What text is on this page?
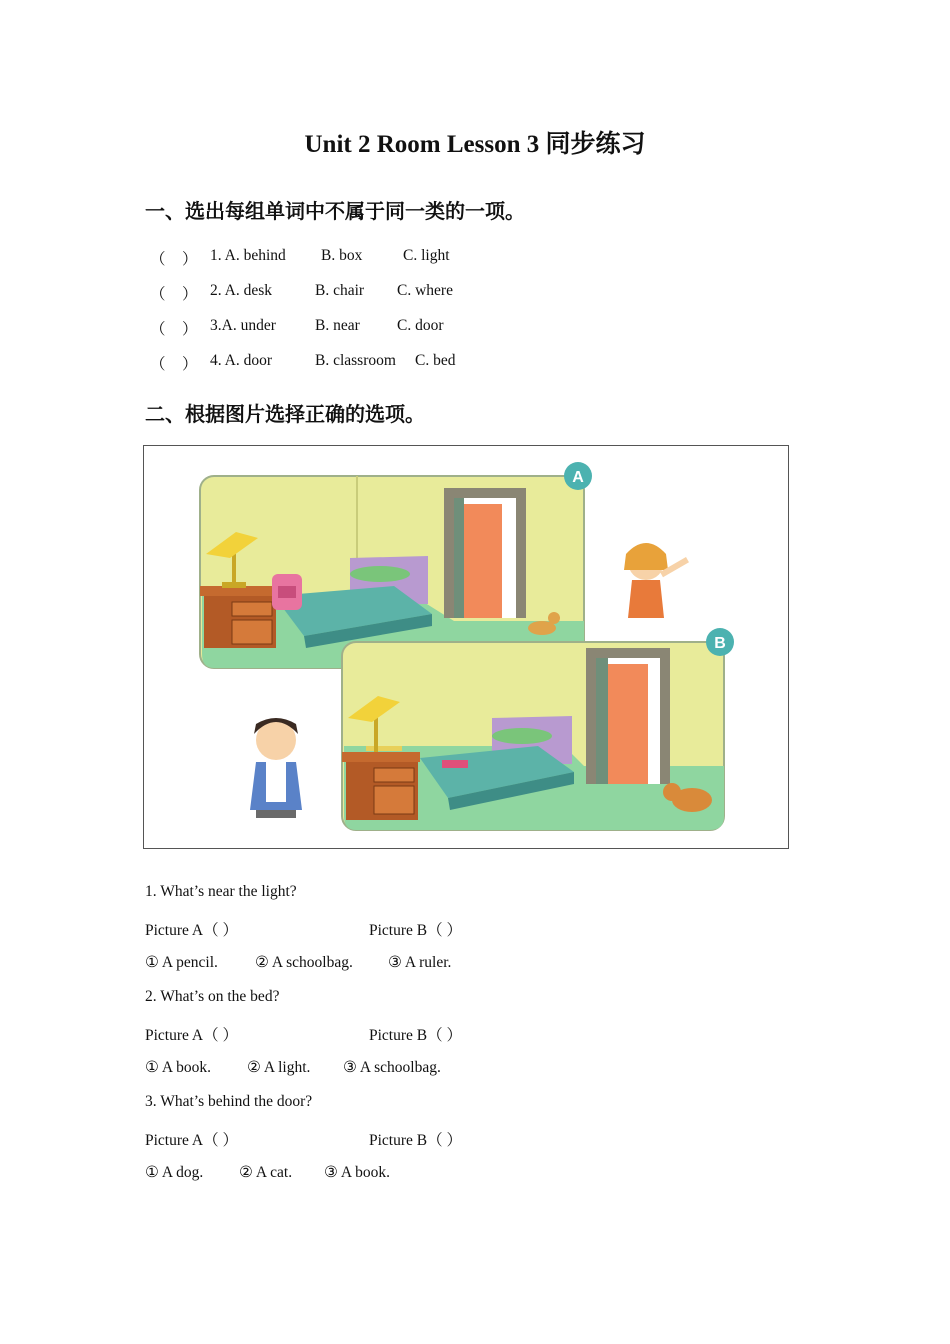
Unit 2 Room Lesson 3 同步练习
一、选出每组单词中不属于同一类的一项。
（ ） 1. A. behind B. box	C. light
（ ） 2. A. desk	B. chair C. where
（ ） 3.A. under	B. near C. door
（ ） 4. A. door	B. classroom C. bed
二、根据图片选择正确的选项。
A
B
1. What’s near the light?
Picture A（ ）	Picture B（ ）
① A pencil. ② A schoolbag. ③ A ruler.
2. What’s on the bed?
Picture A（ ）	Picture B（ ）
① A book. ② A light. ③ A schoolbag.
3. What’s behind the door?
Picture A（ ）	Picture B（ ）
① A dog. ② A cat. ③ A book.
